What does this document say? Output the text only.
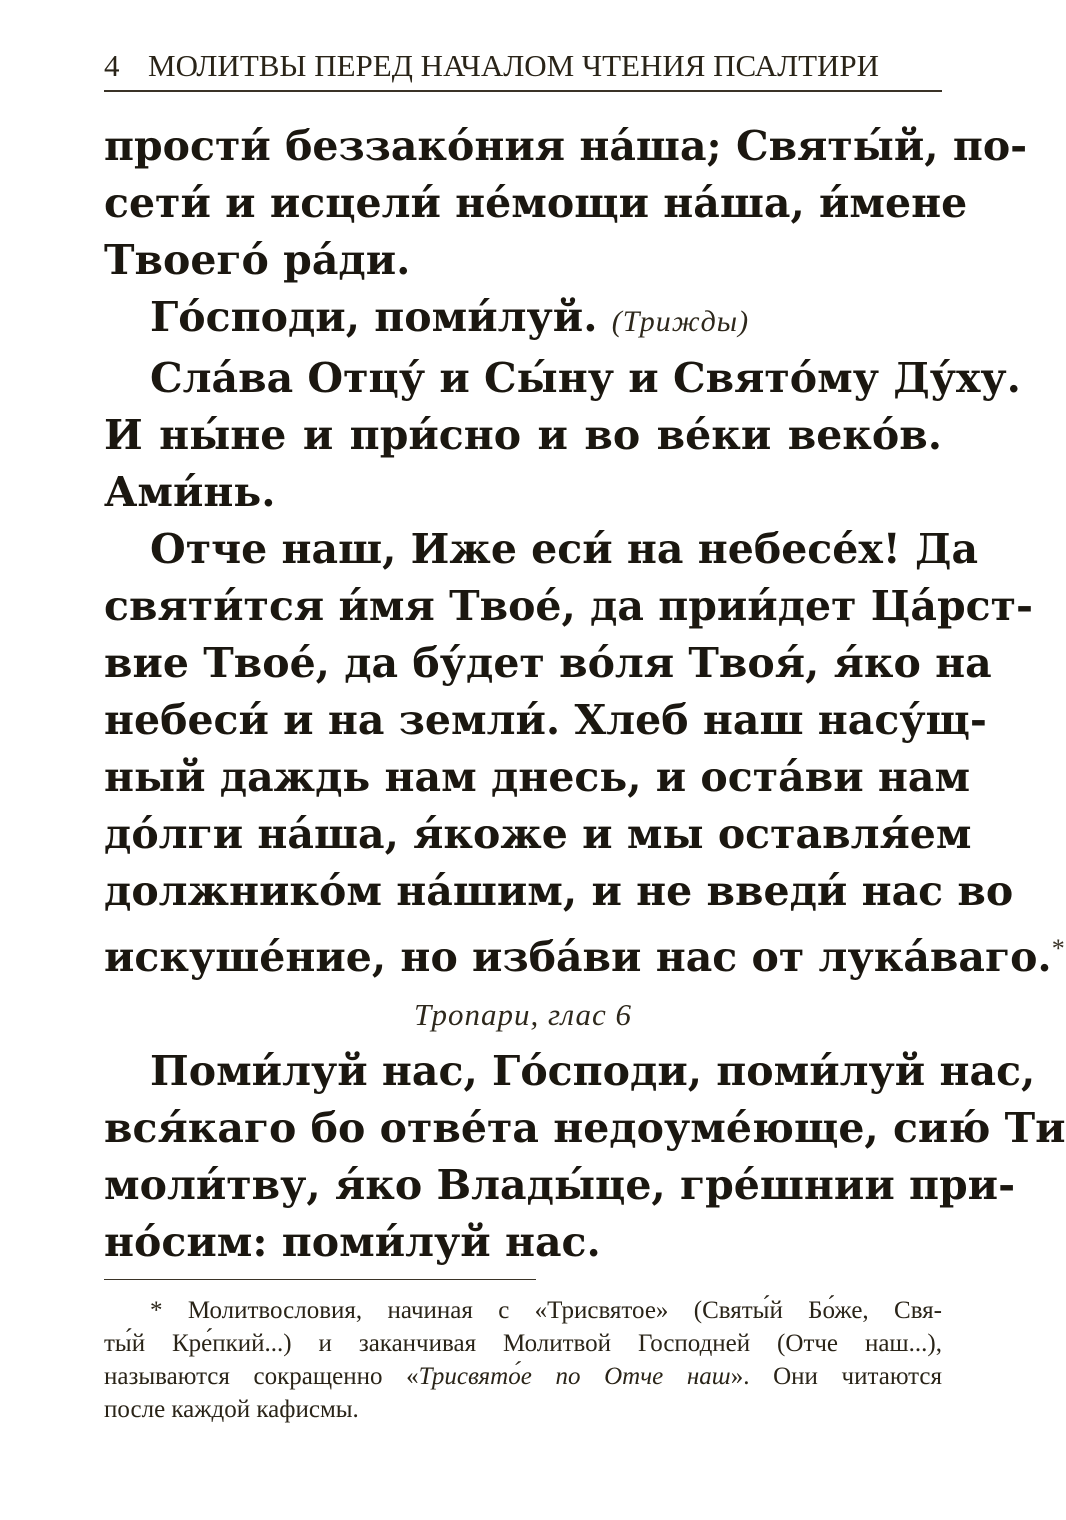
4 МОЛИТВЫ ПЕРЕД НАЧАЛОМ ЧТЕНИЯ ПСАЛТИРИ
прости́ беззако́ния на́ша; Святы́й, по-
сети́ и исцели́ не́мощи на́ша, и́мене
Твоего́ ра́ди.
Го́споди, поми́луй. (Трижды)
Сла́ва Отцу́ и Сы́ну и Свято́му Ду́ху.
И ны́не и при́сно и во ве́ки веко́в.
Ами́нь.
Отче наш, Иже еси́ на небесе́х! Да
святи́тся и́мя Твое́, да прии́дет Ца́рст-
вие Твое́, да бу́дет во́ля Твоя́, я́ко на
небеси́ и на земли́. Хлеб наш насу́щ-
ный даждь нам днесь, и оста́ви нам
до́лги на́ша, я́коже и мы оставля́ем
должнико́м на́шим, и не введи́ нас во
искуше́ние, но изба́ви нас от лука́ваго.*
Тропари, глас 6
Поми́луй нас, Го́споди, поми́луй нас,
вся́каго бо отве́та недоуме́юще, сию́ Ти
моли́тву, я́ко Влады́це, гре́шнии при-
но́сим: поми́луй нас.
* Молитвословия, начиная с «Трисвятое» (Святы́й Бо́же, Свя-
ты́й Кре́пкий...) и заканчивая Молитвой Господней (Отче наш...),
называются сокращенно «Трисвято́е по Отче наш». Они читаются
после каждой кафисмы.
